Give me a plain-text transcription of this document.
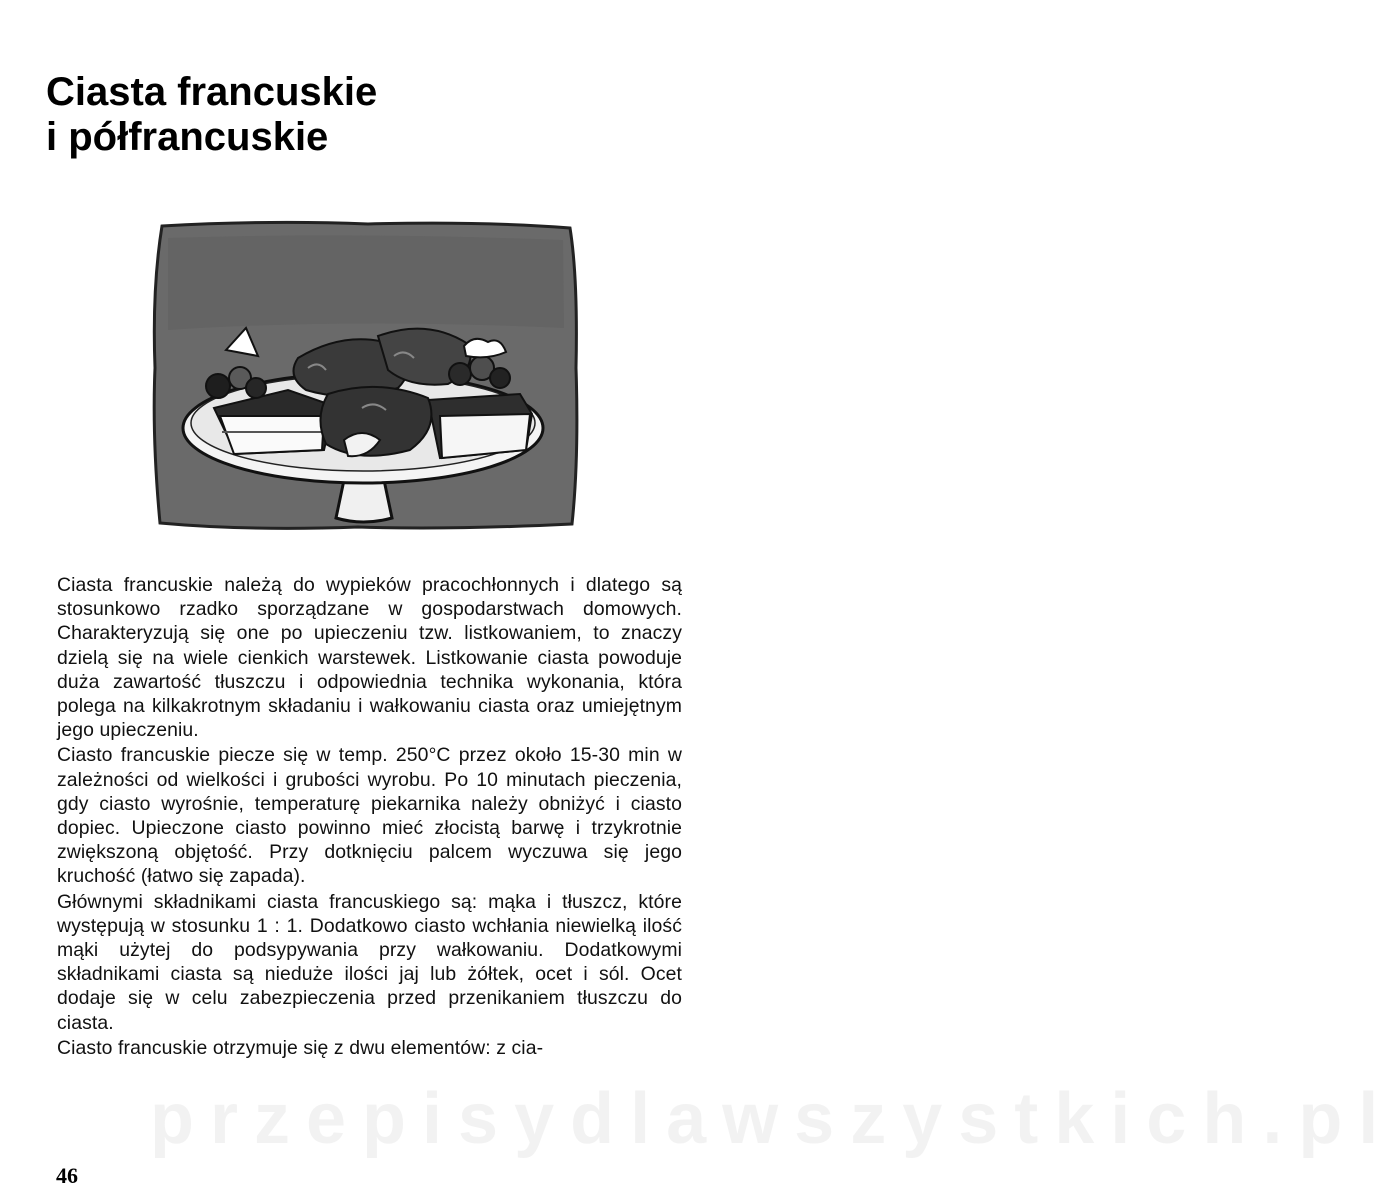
Ciasta francuskie
i półfrancuskie

Ciasta francuskie należą do wypieków pracochłonnych i dlatego są stosunkowo rzadko sporządzane w gospodarstwach domowych. Charakteryzują się one po upieczeniu tzw. listkowaniem, to znaczy dzielą się na wiele cienkich warstewek. Listkowanie ciasta powoduje duża zawartość tłuszczu i odpowiednia technika wykonania, która polega na kilkakrotnym składaniu i wałkowaniu ciasta oraz umiejętnym jego upieczeniu.

Ciasto francuskie piecze się w temp. 250°C przez około 15-30 min w zależności od wielkości i grubości wyrobu. Po 10 minutach pieczenia, gdy ciasto wyrośnie, temperaturę piekarnika należy obniżyć i ciasto dopiec. Upieczone ciasto powinno mieć złocistą barwę i trzykrotnie zwiększoną objętość. Przy dotknięciu palcem wyczuwa się jego kruchość (łatwo się zapada).

Głównymi składnikami ciasta francuskiego są: mąka i tłuszcz, które występują w stosunku 1 : 1. Dodatkowo ciasto wchłania niewielką ilość mąki użytej do podsypywania przy wałkowaniu. Dodatkowymi składnikami ciasta są nieduże ilości jaj lub żółtek, ocet i sól. Ocet dodaje się w celu zabezpieczenia przed przenikaniem tłuszczu do ciasta.

Ciasto francuskie otrzymuje się z dwu elementów: z cia-

przepisydlawszystkich.pl
46
